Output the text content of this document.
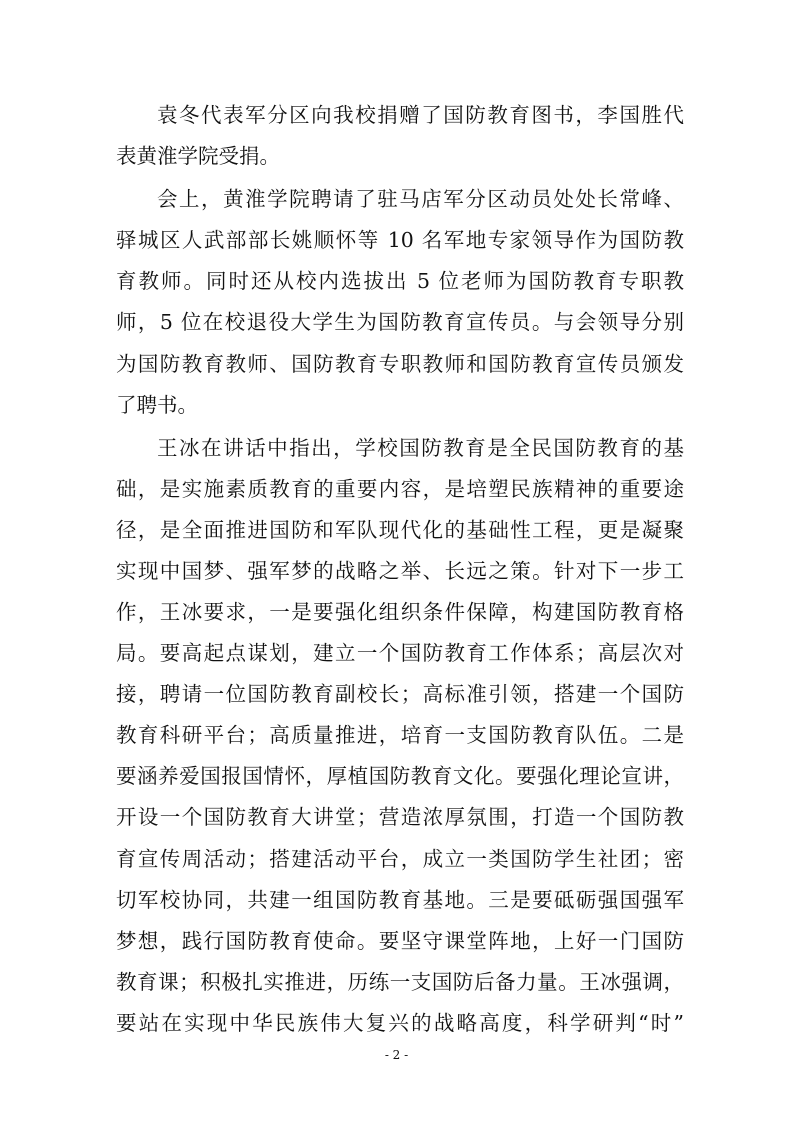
袁冬代表军分区向我校捐赠了国防教育图书，李国胜代
表黄淮学院受捐。
会上，黄淮学院聘请了驻马店军分区动员处处长常峰、
驿城区人武部部长姚顺怀等 10 名军地专家领导作为国防教
育教师。同时还从校内选拔出 5 位老师为国防教育专职教
师，5 位在校退役大学生为国防教育宣传员。与会领导分别
为国防教育教师、国防教育专职教师和国防教育宣传员颁发
了聘书。
王冰在讲话中指出，学校国防教育是全民国防教育的基
础，是实施素质教育的重要内容，是培塑民族精神的重要途
径，是全面推进国防和军队现代化的基础性工程，更是凝聚
实现中国梦、强军梦的战略之举、长远之策。针对下一步工
作，王冰要求，一是要强化组织条件保障，构建国防教育格
局。要高起点谋划，建立一个国防教育工作体系；高层次对
接，聘请一位国防教育副校长；高标准引领，搭建一个国防
教育科研平台；高质量推进，培育一支国防教育队伍。二是
要涵养爱国报国情怀，厚植国防教育文化。要强化理论宣讲，
开设一个国防教育大讲堂；营造浓厚氛围，打造一个国防教
育宣传周活动；搭建活动平台，成立一类国防学生社团；密
切军校协同，共建一组国防教育基地。三是要砥砺强国强军
梦想，践行国防教育使命。要坚守课堂阵地，上好一门国防
教育课；积极扎实推进，历练一支国防后备力量。王冰强调，
要站在实现中华民族伟大复兴的战略高度，科学研判“时”
- 2 -
